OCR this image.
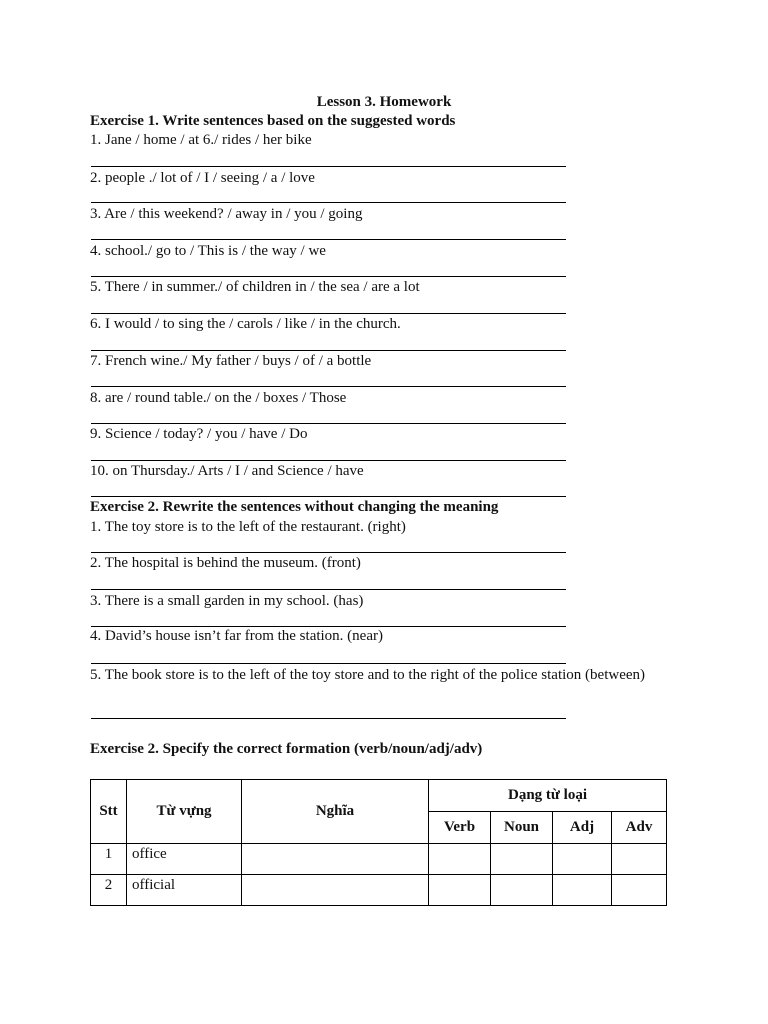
Lesson 3. Homework
Exercise 1. Write sentences based on the suggested words
1. Jane / home / at 6./ rides / her bike
2. people ./ lot of / I / seeing / a / love
3. Are / this weekend? / away in / you / going
4. school./ go to / This is / the way / we
5. There / in summer./ of children in / the sea / are a lot
6. I would / to sing the / carols / like / in the church.
7. French wine./ My father / buys / of / a bottle
8. are / round table./ on the / boxes / Those
9. Science / today? / you / have / Do
10. on Thursday./ Arts / I / and Science / have
Exercise 2. Rewrite the sentences without changing the meaning
1. The toy store is to the left of the restaurant. (right)
2. The hospital is behind the museum. (front)
3. There is a small garden in my school. (has)
4. David’s house isn’t far from the station. (near)
5. The book store is to the left of the toy store and to the right of the police station (between)
Exercise 2. Specify the correct formation (verb/noun/adj/adv)
Stt	Từ vựng	Nghĩa	Dạng từ loại			
			Verb	Noun	Adj	Adv
1	office					
2	official					
